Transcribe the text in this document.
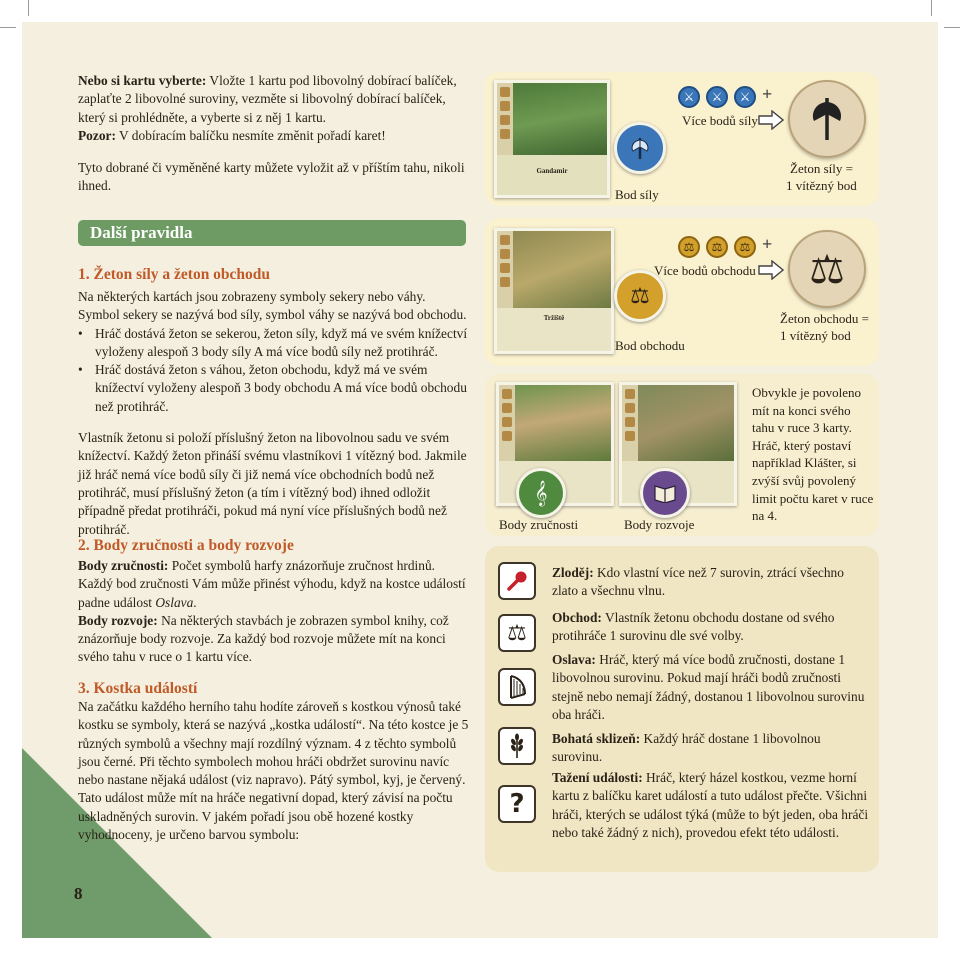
Nebo si kartu vyberte: Vložte 1 kartu pod libovolný dobírací balíček, zaplaťte 2 libovolné suroviny, vezměte si libovolný dobírací balíček, který si prohlédněte, a vyberte si z něj 1 kartu.
Pozor: V dobíracím balíčku nesmíte změnit pořadí karet!
Tyto dobrané či vyměněné karty můžete vyložit až v příštím tahu, nikoli ihned.
Další pravidla
1. Žeton síly a žeton obchodu
Na některých kartách jsou zobrazeny symboly sekery nebo váhy. Symbol sekery se nazývá bod síly, symbol váhy se nazývá bod obchodu.
• Hráč dostává žeton se sekerou, žeton síly, když má ve svém knížectví vyloženy alespoň 3 body síly A má více bodů síly než protihráč.
• Hráč dostává žeton s váhou, žeton obchodu, když má ve svém knížectví vyloženy alespoň 3 body obchodu A má více bodů obchodu než protihráč.
Vlastník žetonu si položí příslušný žeton na libovolnou sadu ve svém knížectví. Každý žeton přináší svému vlastníkovi 1 vítězný bod. Jakmile již hráč nemá více bodů síly či již nemá více obchodních bodů než protihráč, musí příslušný žeton (a tím i vítězný bod) ihned odložit případně předat protihráči, pokud má nyní více příslušných bodů než protihráč.
2. Body zručnosti a body rozvoje
Body zručnosti: Počet symbolů harfy znázorňuje zručnost hrdinů. Každý bod zručnosti Vám může přinést výhodu, když na kostce událostí padne událost Oslava.
Body rozvoje: Na některých stavbách je zobrazen symbol knihy, což znázorňuje body rozvoje. Za každý bod rozvoje můžete mít na konci svého tahu v ruce o 1 kartu více.
3. Kostka událostí
Na začátku každého herního tahu hodíte zároveň s kostkou výnosů také kostku se symboly, která se nazývá „kostka událostí“. Na této kostce je 5 různých symbolů a všechny mají rozdílný význam. 4 z těchto symbolů jsou černé. Při těchto symbolech mohou hráči obdržet surovinu navíc nebo nastane nějaká událost (viz napravo). Pátý symbol, kyj, je červený. Tato událost může mít na hráče negativní dopad, který závisí na počtu uskladněných surovin. V jakém pořadí jsou obě hozené kostky vyhodnoceny, je určeno barvou symbolu:
8
Gandamir
⚔	⚔	⚔ +
Více bodů síly
Bod síly
Žeton síly =
1 vítězný bod
Tržiště
⚖
⚖	⚖	⚖ +
Více bodů obchodu	⚖
Bod obchodu
Žeton obchodu =
1 vítězný bod
𝄞
Body zručnosti	Body rozvoje
Obvykle je povoleno mít na konci svého tahu v ruce 3 karty. Hráč, který postaví například Klášter, si zvýší svůj povolený limit počtu karet v ruce na 4.
Zloděj: Kdo vlastní více než 7 surovin, ztrácí všechno zlato a všechnu vlnu.
⚖
Obchod: Vlastník žetonu obchodu dostane od svého protihráče 1 surovinu dle své volby.
Oslava: Hráč, který má více bodů zručnosti, dostane 1 libovolnou surovinu. Pokud mají hráči bodů zručnosti stejně nebo nemají žádný, dostanou 1 libovolnou surovinu oba hráči.
Bohatá sklizeň: Každý hráč dostane 1 libovolnou surovinu.
?
Tažení události: Hráč, který házel kostkou, vezme horní kartu z balíčku karet událostí a tuto událost přečte. Všichni hráči, kterých se událost týká (může to být jeden, oba hráči nebo také žádný z nich), provedou efekt této události.
